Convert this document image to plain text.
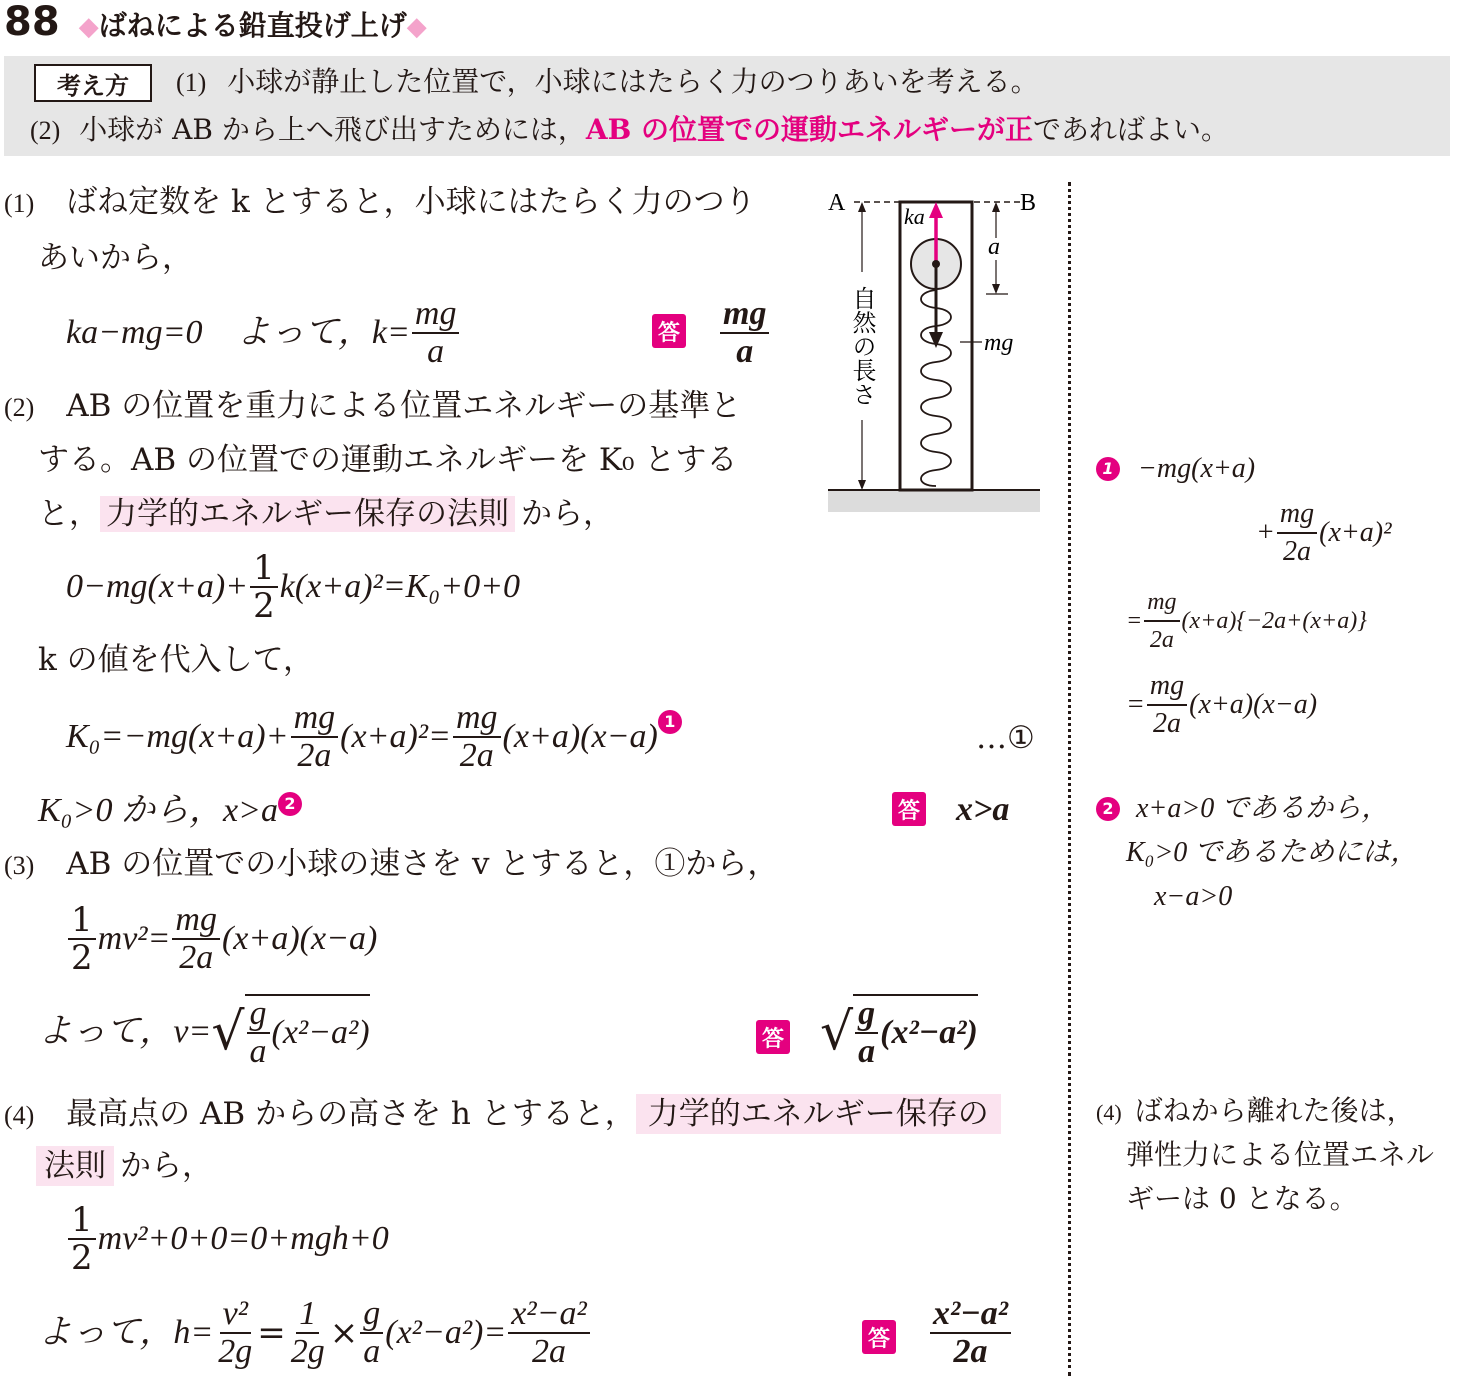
88 ◆ばねによる鉛直投げ上げ◆
考え方 (1) 小球が静止した位置で，小球にはたらく力のつりあいを考える。
(2) 小球が AB から上へ飛び出すためには，AB の位置での運動エネルギーが正であればよい。
(1) ばね定数を k とすると，小球にはたらく力のつり
あいから，
ka−mg=0　よって，$k= \frac{mg}{a}$	答 $\frac{mg}{a}$
(2) AB の位置を重力による位置エネルギーの基準と
する。AB の位置での運動エネルギーを K₀ とする
と， 力学的エネルギー保存の法則 から，
$0-mg(x+a)+ \frac{1}{2} k(x+a)^2=K_0+0+0$
k の値を代入して，
$K_0=-mg(x+a)+ \frac{mg}{2a} (x+a)^2= \frac{mg}{2a} (x+a)(x-a)$ 1	…①
K₀>0 から，x>a 2	答 x>a
(3) AB の位置での小球の速さを v とすると，①から，
$\frac{1}{2} mv^2= \frac{mg}{2a} (x+a)(x-a)$
よって，v= √ $\frac{g}{a} (x^2-a^2)$	答 √ $\frac{g}{a} (x^2-a^2)$
(4) 最高点の AB からの高さを h とすると， 力学的エネルギー保存の
法則 から，
$\frac{1}{2} mv^2+0+0=0+mgh+0$
よって，$h= \frac{\text{v²}}{2g} = \frac{1}{2g} \times \frac{g}{a} (x^2-a^2)= \frac{\text{x²−a²}}{2a}$	答 $\frac{\text{x²−a²}}{2a}$
A	B
ka
a
mg
自然の長さ
1 −mg(x+a)
+ $\frac{mg}{2a} (x+a)^2$
= $\frac{mg}{2a} (x+a)\{-2a+(x+a)\}$
= $\frac{mg}{2a} (x+a)(x-a)$
2 x+a>0 であるから，
K₀>0 であるためには，
x−a>0
(4) ばねから離れた後は，
弾性力による位置エネル
ギーは 0 となる。
